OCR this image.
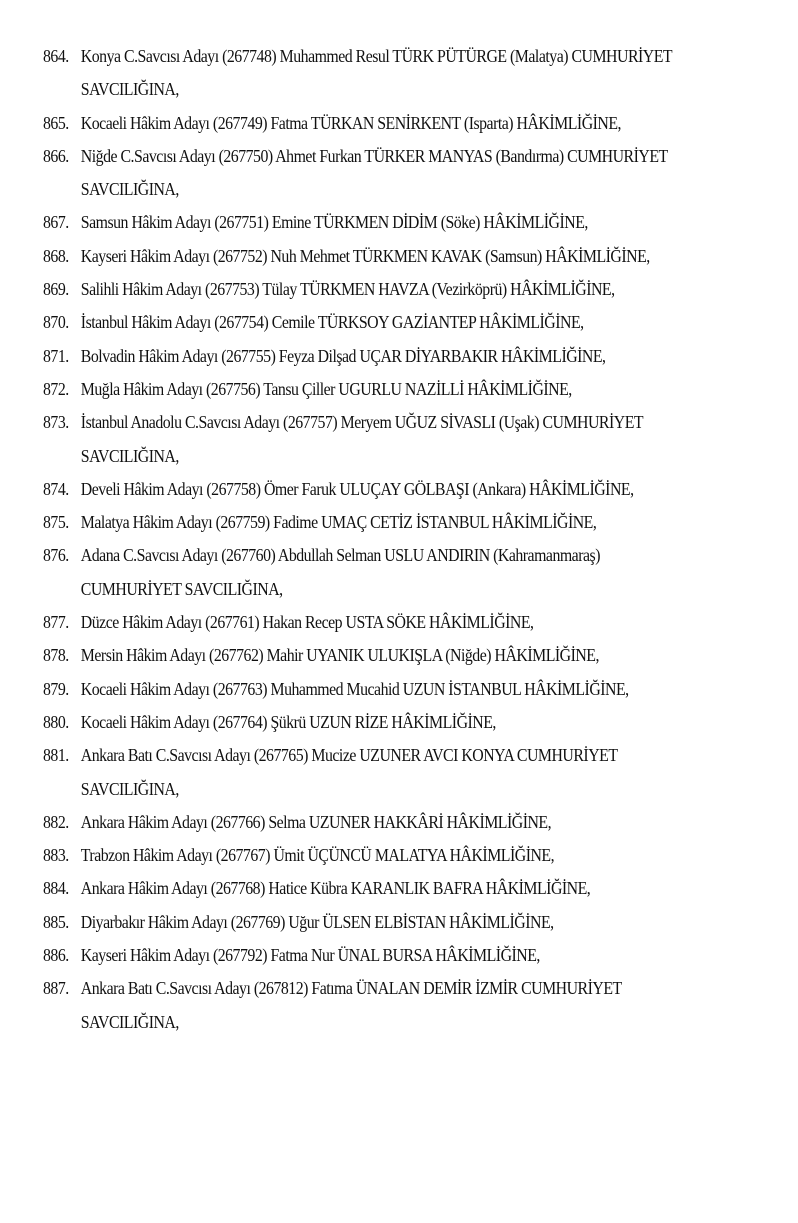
864. Konya C.Savcısı Adayı (267748) Muhammed Resul TÜRK PÜTÜRGE (Malatya) CUMHURİYET
SAVCILIĞINA,
865. Kocaeli Hâkim Adayı (267749) Fatma TÜRKAN SENİRKENT (Isparta) HÂKİMLİĞİNE,
866. Niğde C.Savcısı Adayı (267750) Ahmet Furkan TÜRKER MANYAS (Bandırma) CUMHURİYET
SAVCILIĞINA,
867. Samsun Hâkim Adayı (267751) Emine TÜRKMEN DİDİM (Söke) HÂKİMLİĞİNE,
868. Kayseri Hâkim Adayı (267752) Nuh Mehmet TÜRKMEN KAVAK (Samsun) HÂKİMLİĞİNE,
869. Salihli Hâkim Adayı (267753) Tülay TÜRKMEN HAVZA (Vezirköprü) HÂKİMLİĞİNE,
870. İstanbul Hâkim Adayı (267754) Cemile TÜRKSOY GAZİANTEP HÂKİMLİĞİNE,
871. Bolvadin Hâkim Adayı (267755) Feyza Dilşad UÇAR DİYARBAKIR HÂKİMLİĞİNE,
872. Muğla Hâkim Adayı (267756) Tansu Çiller UGURLU NAZİLLİ HÂKİMLİĞİNE,
873. İstanbul Anadolu C.Savcısı Adayı (267757) Meryem UĞUZ SİVASLI (Uşak) CUMHURİYET
SAVCILIĞINA,
874. Develi Hâkim Adayı (267758) Ömer Faruk ULUÇAY GÖLBAŞI (Ankara) HÂKİMLİĞİNE,
875. Malatya Hâkim Adayı (267759) Fadime UMAÇ CETİZ İSTANBUL HÂKİMLİĞİNE,
876. Adana C.Savcısı Adayı (267760) Abdullah Selman USLU ANDIRIN (Kahramanmaraş)
CUMHURİYET SAVCILIĞINA,
877. Düzce Hâkim Adayı (267761) Hakan Recep USTA SÖKE HÂKİMLİĞİNE,
878. Mersin Hâkim Adayı (267762) Mahir UYANIK ULUKIŞLA (Niğde) HÂKİMLİĞİNE,
879. Kocaeli Hâkim Adayı (267763) Muhammed Mucahid UZUN İSTANBUL HÂKİMLİĞİNE,
880. Kocaeli Hâkim Adayı (267764) Şükrü UZUN RİZE HÂKİMLİĞİNE,
881. Ankara Batı C.Savcısı Adayı (267765) Mucize UZUNER AVCI KONYA CUMHURİYET
SAVCILIĞINA,
882. Ankara Hâkim Adayı (267766) Selma UZUNER HAKKÂRİ HÂKİMLİĞİNE,
883. Trabzon Hâkim Adayı (267767) Ümit ÜÇÜNCÜ MALATYA HÂKİMLİĞİNE,
884. Ankara Hâkim Adayı (267768) Hatice Kübra KARANLIK BAFRA HÂKİMLİĞİNE,
885. Diyarbakır Hâkim Adayı (267769) Uğur ÜLSEN ELBİSTAN HÂKİMLİĞİNE,
886. Kayseri Hâkim Adayı (267792) Fatma Nur ÜNAL BURSA HÂKİMLİĞİNE,
887. Ankara Batı C.Savcısı Adayı (267812) Fatıma ÜNALAN DEMİR İZMİR CUMHURİYET
SAVCILIĞINA,
